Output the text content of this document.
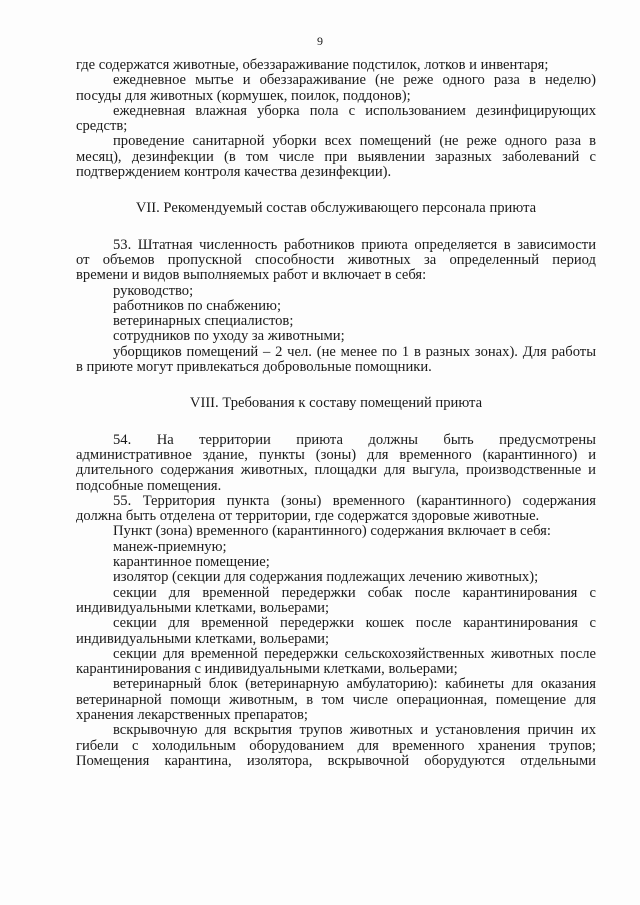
9
где содержатся животные, обеззараживание подстилок, лотков и инвентаря;
ежедневное мытье и обеззараживание (не реже одного раза в неделю)
посуды для животных (кормушек, поилок, поддонов);
ежедневная влажная уборка пола с использованием дезинфицирующих
средств;
проведение санитарной уборки всех помещений (не реже одного раза в
месяц), дезинфекции (в том числе при выявлении заразных заболеваний с
подтверждением контроля качества дезинфекции).
VII. Рекомендуемый состав обслуживающего персонала приюта
53. Штатная численность работников приюта определяется в зависимости
от объемов пропускной способности животных за определенный период
времени и видов выполняемых работ и включает в себя:
руководство;
работников по снабжению;
ветеринарных специалистов;
сотрудников по уходу за животными;
уборщиков помещений – 2 чел. (не менее по 1 в разных зонах). Для работы
в приюте могут привлекаться добровольные помощники.
VIII. Требования к составу помещений приюта
54. На территории приюта должны быть предусмотрены
административное здание, пункты (зоны) для временного (карантинного) и
длительного содержания животных, площадки для выгула, производственные и
подсобные помещения.
55. Территория пункта (зоны) временного (карантинного) содержания
должна быть отделена от территории, где содержатся здоровые животные.
Пункт (зона) временного (карантинного) содержания включает в себя:
манеж-приемную;
карантинное помещение;
изолятор (секции для содержания подлежащих лечению животных);
секции для временной передержки собак после карантинирования с
индивидуальными клетками, вольерами;
секции для временной передержки кошек после карантинирования с
индивидуальными клетками, вольерами;
секции для временной передержки сельскохозяйственных животных после
карантинирования с индивидуальными клетками, вольерами;
ветеринарный блок (ветеринарную амбулаторию): кабинеты для оказания
ветеринарной помощи животным, в том числе операционная, помещение для
хранения лекарственных препаратов;
вскрывочную для вскрытия трупов животных и установления причин их
гибели с холодильным оборудованием для временного хранения трупов;
Помещения карантина, изолятора, вскрывочной оборудуются отдельными
